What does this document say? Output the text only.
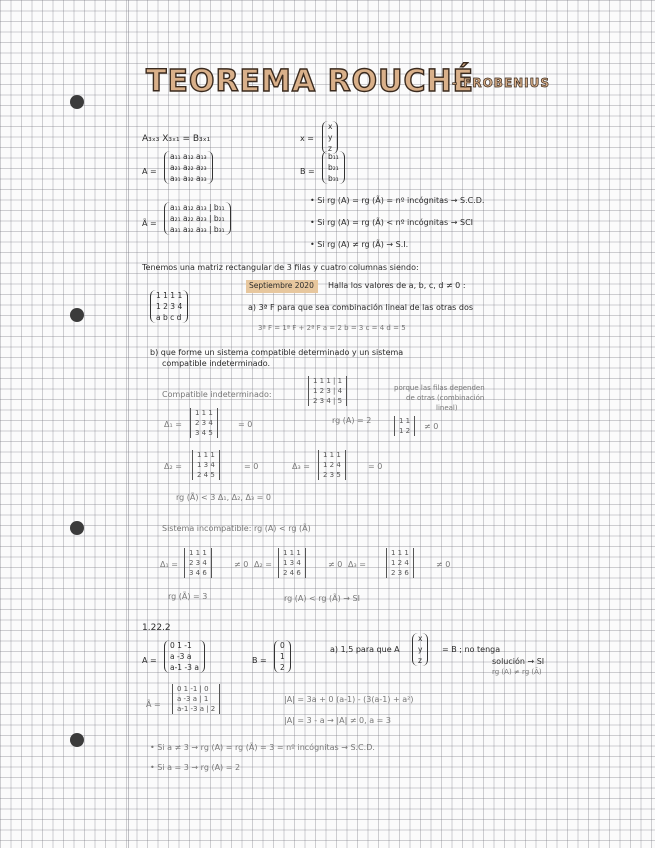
TEOREMA ROUCHÉ
- FROBENIUS
A₃ₓ₃ X₃ₓ₁ = B₃ₓ₁	x =
x
y
z
A =
a₁₁ a₁₂ a₁₃
a₂₁ a₂₂ a₂₃
a₃₁ a₃₂ a₃₃
B =
b₁₁
b₂₁
b₃₁
Ã =
a₁₁ a₁₂ a₁₃ | b₁₁
a₂₁ a₂₂ a₂₃ | b₂₁
a₃₁ a₃₂ a₃₃ | b₃₁
• Si rg (A) = rg (Ã) = nº incógnitas → S.C.D.
• Si rg (A) = rg (Ã) < nº incógnitas → SCI
• Si rg (A) ≠ rg (Ã) → S.I.
Tenemos una matriz rectangular de 3 filas y cuatro columnas siendo:
1 1 1 1
1 2 3 4
a b c d
Septiembre 2020 Halla los valores de a, b, c, d ≠ 0 :
a) 3ª F para que sea combinación lineal de las otras dos
3ª F = 1ª F + 2ª F a = 2 b = 3 c = 4 d = 5
b) que forme un sistema compatible determinado y un sistema
compatible indeterminado.
Compatible indeterminado:
1 1 1 | 1
1 2 3 | 4
2 3 4 | 5
porque las filas dependen
de otras (combinación
lineal)
Δ₁ =
1 1 1
2 3 4
3 4 5
= 0	rg (A) = 2	1 1
1 2 ≠ 0
Δ₂ =
1 1 1
1 3 4
2 4 5
= 0	Δ₃ =
1 1 1
1 2 4
2 3 5
= 0
rg (Ã) < 3 Δ₁, Δ₂, Δ₃ = 0
Sistema incompatible: rg (A) < rg (Ã)
Δ₁ =
1 1 1
2 3 4
3 4 6
≠ 0 Δ₂ =
1 1 1
1 3 4
2 4 6
≠ 0 Δ₃ =
1 1 1
1 2 4
2 3 6
≠ 0
rg (Ã) = 3	rg (A) < rg (Ã) → SI
1.22.2
A =
0 1 -1
a -3 a
a-1 -3 a
B =
0
1
2
a) 1,5 para que A
x
y
z
= B ; no tenga
solución → SI
rg (A) ≠ rg (Ã)
Ã =
0 1 -1 | 0
a -3 a | 1
a-1 -3 a | 2
|A| = 3a + 0 (a-1) - (3(a-1) + a²)
|A| = 3 - a → |A| ≠ 0, a = 3
• Si a ≠ 3 → rg (A) = rg (Ã) = 3 = nº incógnitas → S.C.D.
• Si a = 3 → rg (A) = 2
